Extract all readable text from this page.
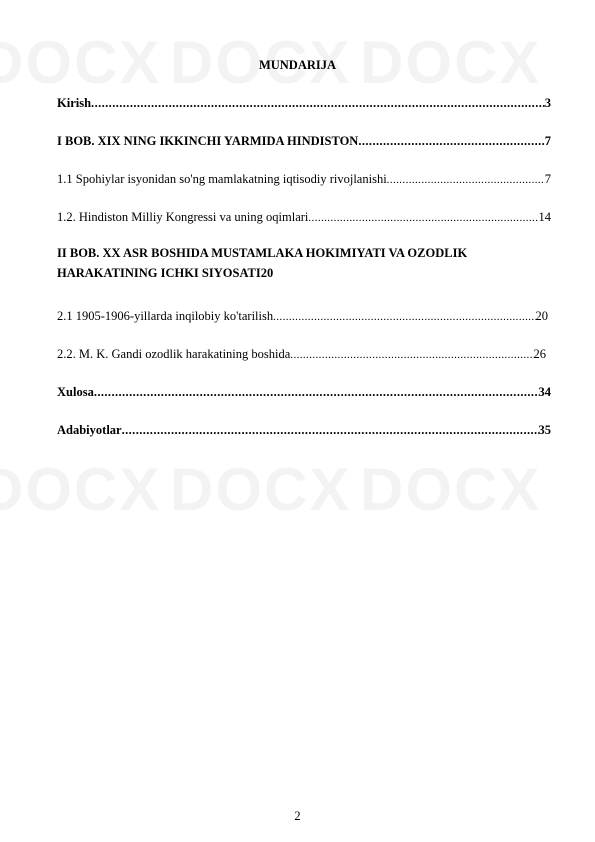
MUNDARIJA
Kirish .....	3
I BOB. XIX NING IKKINCHI YARMIDA HINDISTON .....	7
1.1 Spohiylar isyonidan so'ng mamlakatning iqtisodiy rivojlanishi .....	7
1.2. Hindiston Milliy Kongressi va uning oqimlari .....	14
II BOB. XX ASR BOSHIDA MUSTAMLAKA HOKIMIYATI VA OZODLIK
HARAKATINING ICHKI SIYOSATI 20
2.1 1905-1906-yillarda inqilobiy ko'tarilish .....	20
2.2. M. K. Gandi ozodlik harakatining boshida .....	26
Xulosa .....	34
Adabiyotlar .....	35
2
